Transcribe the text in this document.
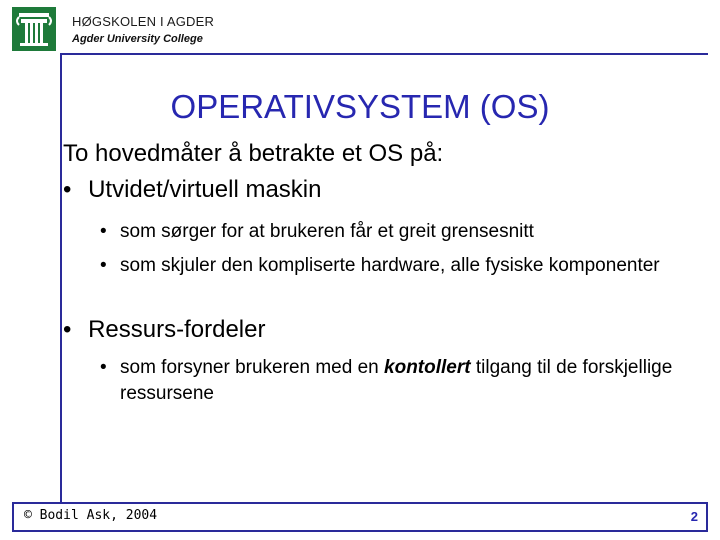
HØGSKOLEN I AGDER
Agder University College
OPERATIVSYSTEM (OS)
To hovedmåter å betrakte et OS på:
• Utvidet/virtuell maskin
• som sørger for at brukeren får et greit grensesnitt
• som skjuler den kompliserte hardware, alle fysiske komponenter
• Ressurs-fordeler
• som forsyner brukeren med en kontollert tilgang til de forskjellige ressursene
© Bodil Ask, 2004	2
